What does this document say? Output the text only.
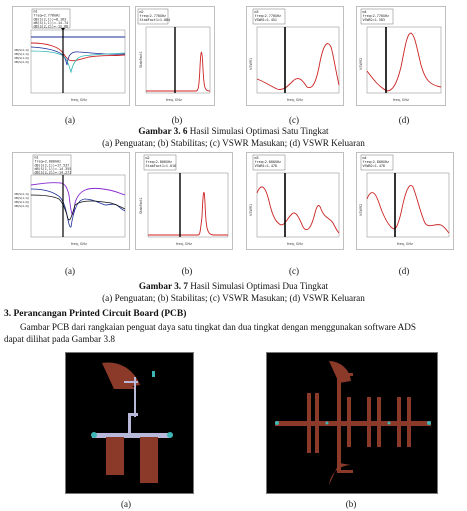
m1
freq=2.770GHz
dB(S(2,1))=8.163
dB(S(1,1))=-14.74
dB(S(2,2))=-12.88
freq, GHz
dB(S(2,1))
dB(S(1,1))
dB(S(1,2))
dB(S(2,2))
m2
freq=2.770GHz
StabFact1=1.084
StabFact1
freq, GHz
m3
freq=2.770GHz
VSWR1=1.451
VSWR1
freq, GHz
m4
freq=2.770GHz
VSWR2=1.583
VSWR2
freq, GHz
(a)	(b)	(c)	(d)
Gambar 3. 6 Hasil Simulasi Optimasi Satu Tingkat
(a) Penguatan; (b) Stabilitas; (c) VSWR Masukan; (d) VSWR Keluaran
m1
freq=2.800GHz
dB(S(2,1))=17.537
dB(S(1,1))=-14.355
dB(S(2,2))=-14.271
freq, GHz
dB(S(2,1))
dB(S(1,1))
dB(S(1,2))
dB(S(2,2))
m2
freq=2.800GHz
StabFact1=1.016
StabFact1
freq, GHz
m3
freq=2.800GHz
VSWR1=1.478
VSWR1
freq, GHz
m4
freq=2.800GHz
VSWR2=1.478
VSWR2
freq, GHz
(a)	(b)	(c)	(d)
Gambar 3. 7 Hasil Simulasi Optimasi Dua Tingkat
(a) Penguatan; (b) Stabilitas; (c) VSWR Masukan; (d) VSWR Keluaran
3. Perancangan Printed Circuit Board (PCB)
Gambar PCB dari rangkaian penguat daya satu tingkat dan dua tingkat dengan menggunakan software ADS
dapat dilihat pada Gambar 3.8
(a)	(b)
